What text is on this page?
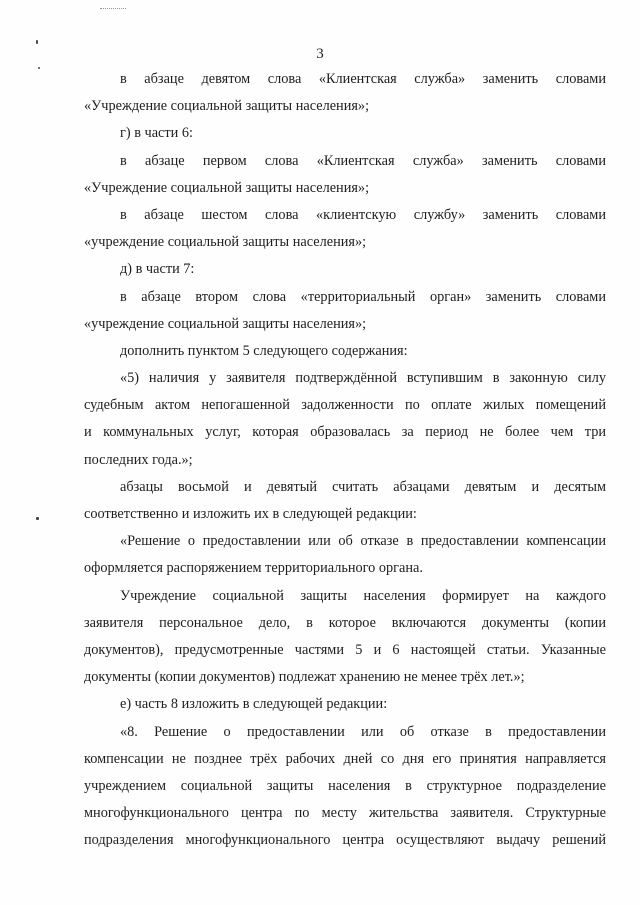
3
в абзаце девятом слова «Клиентская служба» заменить словами
«Учреждение социальной защиты населения»;
г) в части 6:
в абзаце первом слова «Клиентская служба» заменить словами
«Учреждение социальной защиты населения»;
в абзаце шестом слова «клиентскую службу» заменить словами
«учреждение социальной защиты населения»;
д) в части 7:
в абзаце втором слова «территориальный орган» заменить словами
«учреждение социальной защиты населения»;
дополнить пунктом 5 следующего содержания:
«5) наличия у заявителя подтверждённой вступившим в законную силу
судебным актом непогашенной задолженности по оплате жилых помещений
и коммунальных услуг, которая образовалась за период не более чем три
последних года.»;
абзацы восьмой и девятый считать абзацами девятым и десятым
соответственно и изложить их в следующей редакции:
«Решение о предоставлении или об отказе в предоставлении компенсации
оформляется распоряжением территориального органа.
Учреждение социальной защиты населения формирует на каждого
заявителя персональное дело, в которое включаются документы (копии
документов), предусмотренные частями 5 и 6 настоящей статьи. Указанные
документы (копии документов) подлежат хранению не менее трёх лет.»;
е) часть 8 изложить в следующей редакции:
«8. Решение о предоставлении или об отказе в предоставлении
компенсации не позднее трёх рабочих дней со дня его принятия направляется
учреждением социальной защиты населения в структурное подразделение
многофункционального центра по месту жительства заявителя. Структурные
подразделения многофункционального центра осуществляют выдачу решений
